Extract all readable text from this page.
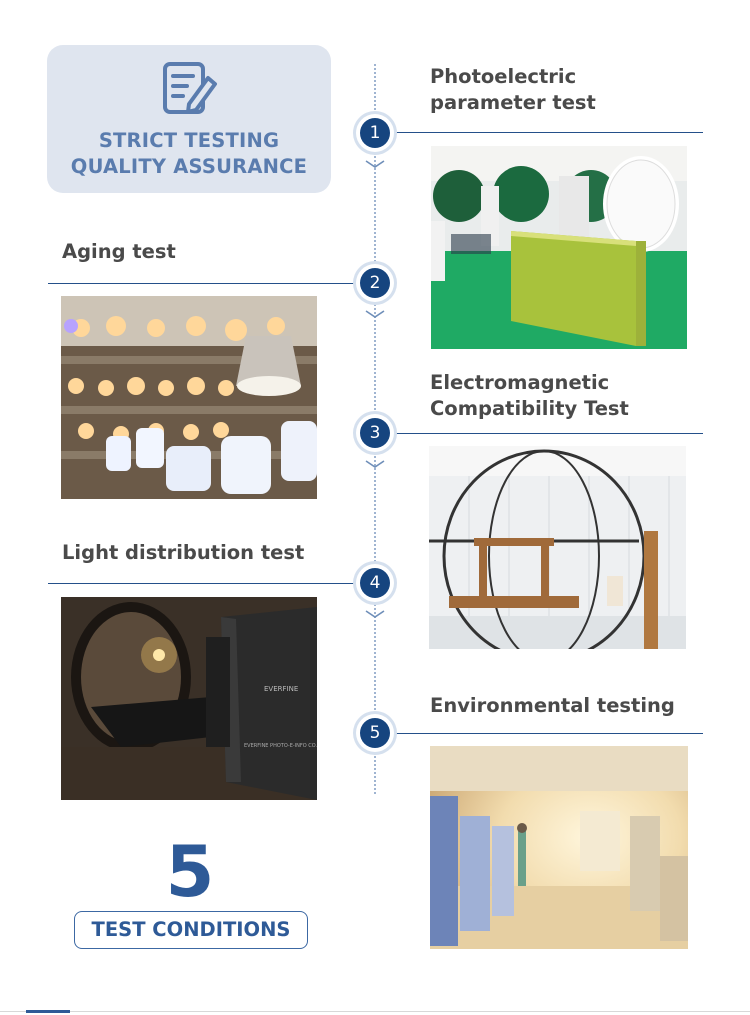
STRICT TESTING
QUALITY ASSURANCE
1
2
3
4
5
Photoelectric
parameter test
Aging test
Electromagnetic
Compatibility Test
Light distribution test
Environmental testing
EVERFINE
EVERFINE PHOTO-E-INFO CO.
5
TEST CONDITIONS
